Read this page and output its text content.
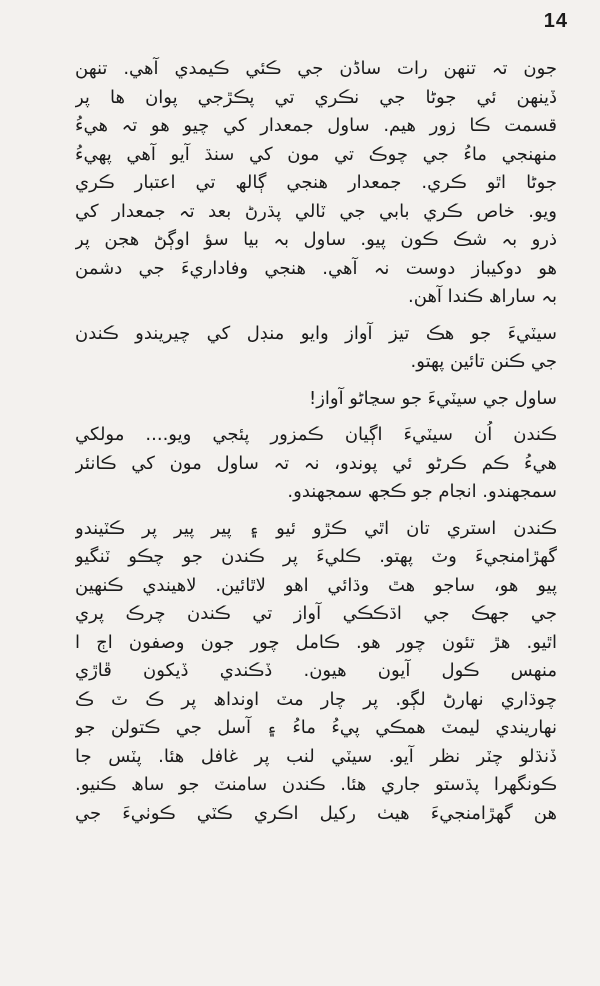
14
جون تہ تنھن رات ساڈن جي ڪئي ڪيمدي آھي. تنھن
ڏينھن ئي جوڻا جي نڪري تي پڪڙجي پوان ھا پر
قسمت ڪا زور ھيم. ساول جمعدار کي چيو ھو تہ ھيءُ
منھنجي ماءُ جي چوڪ تي مون کي سنڌ آيو آھي پھيءُ
جوڻا اٿو ڪري. جمعدار ھنجي ڳالھ تي اعتبار ڪري
ويو. خاص ڪري بابي جي ٽالي پڌرڻ بعد تہ جمعدار کي
ذرو بہ شڪ ڪون پيو. ساول بہ بيا سؤ اوڳڻ ھجن پر
ھو دوکيباز دوست نہ آھي. ھنجي وفاداريءَ جي دشمن
بہ ساراھ ڪندا آھن.
سيٽيءَ جو ھڪ تيز آواز وايو منڊل کي چيريندو ڪندن
جي ڪنن تائين پھتو.
ساول جي سيٽيءَ جو سڃاڻو آواز!
ڪندن اُن سيٽيءَ اڳيان ڪمزور پئجي ويو.... مولکي
ھيءُ ڪم ڪرڻو ئي پوندو، نہ تہ ساول مون کي ڪانئر
سمجھندو. انجام جو ڪجھ سمجھندو.
ڪندن استري تان اٿي ڪڙو ئيو ۽ پير پير پر ڪٽيندو
گھڙامنجيءَ وٽ پھتو. ڪليءَ پر ڪندن جو چڪو ٽنگيو
پيو ھو، ساجو ھٿ وڌائي اھو لاٿائين. لاھيندي ڪنھين
جي جھڪ جي اڌڪڪي آواز تي ڪندن چرڪ پري
اٿيو. ھڙ تئون چور ھو. ڪامل چور جون وصفون اڄ ا
منھس ڪول آيون ھيون. ڏڪندي ڏيکون ڦاڙي
چوڌاري نھارڻ لڳو. پر چار مٽ اونداھ پر ڪ ٽ ڪ
نھاريندي ليمٽ ھمڪي پيءُ ماءُ ۽ آسل جي ڪتولن جو
ڏنڌلو چٽر نظر آيو. سيٽي لنب پر غافل ھئا. پٽس جا
ڪونگھرا پڌستو جاري ھئا. ڪندن سامنٽ جو ساھ ڪنيو.
ھن گھڙامنجيءَ ھيٺ رکيل اڪري ڪٽي ڪوٺيءَ جي
